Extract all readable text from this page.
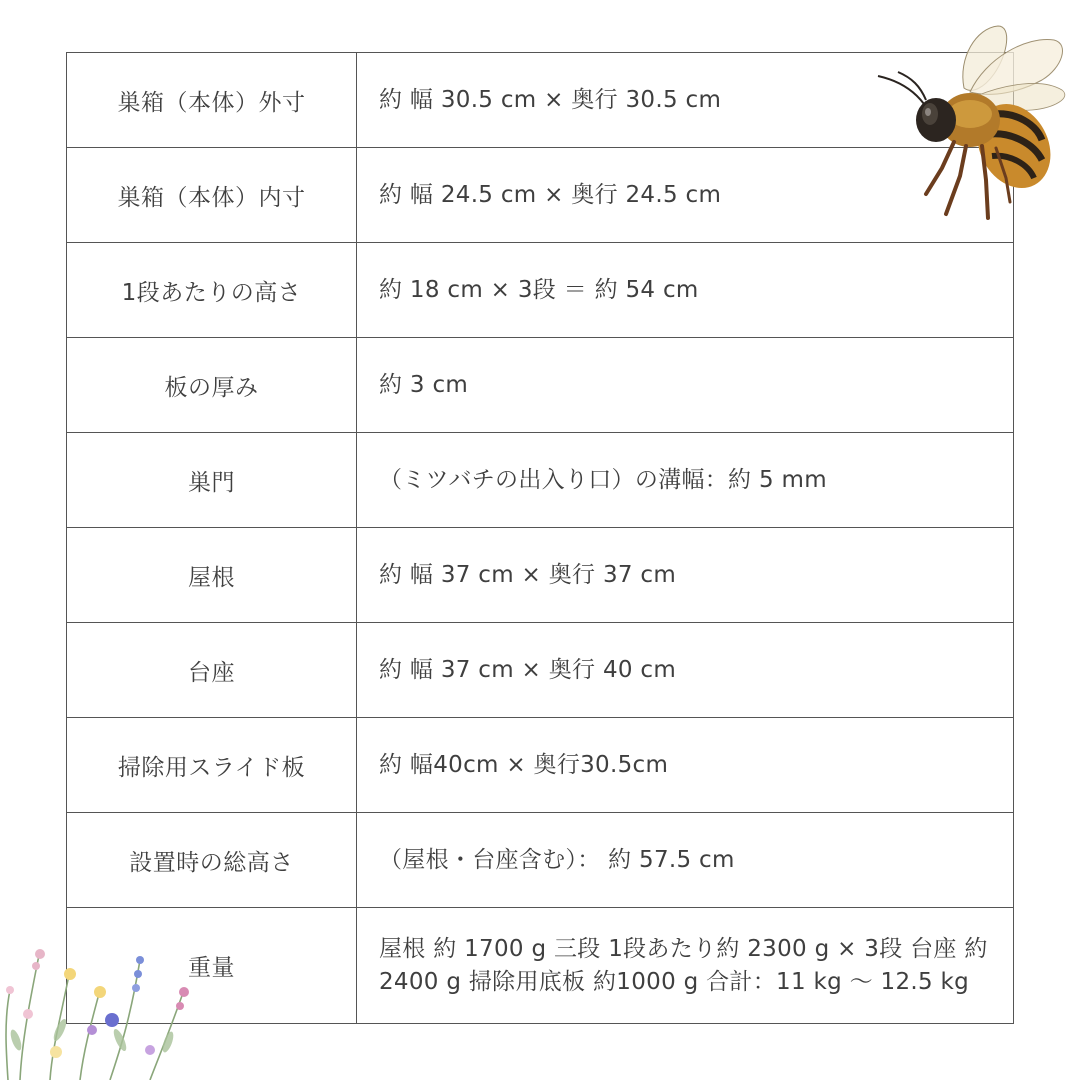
巣箱（本体）外寸	約 幅 30.5 cm × 奥行 30.5 cm
巣箱（本体）内寸	約 幅 24.5 cm × 奥行 24.5 cm
1段あたりの高さ	約 18 cm × 3段 ＝ 約 54 cm
板の厚み	約 3 cm
巣門	（ミツバチの出入り口）の溝幅：約 5 mm
屋根	約 幅 37 cm × 奥行 37 cm
台座	約 幅 37 cm × 奥行 40 cm
掃除用スライド板	約 幅40cm × 奥行30.5cm
設置時の総高さ	（屋根・台座含む）： 約 57.5 cm
重量	屋根 約 1700 g 三段 1段あたり約 2300 g × 3段 台座 約 2400 g 掃除用底板 約1000 g 合計：11 kg ～ 12.5 kg
